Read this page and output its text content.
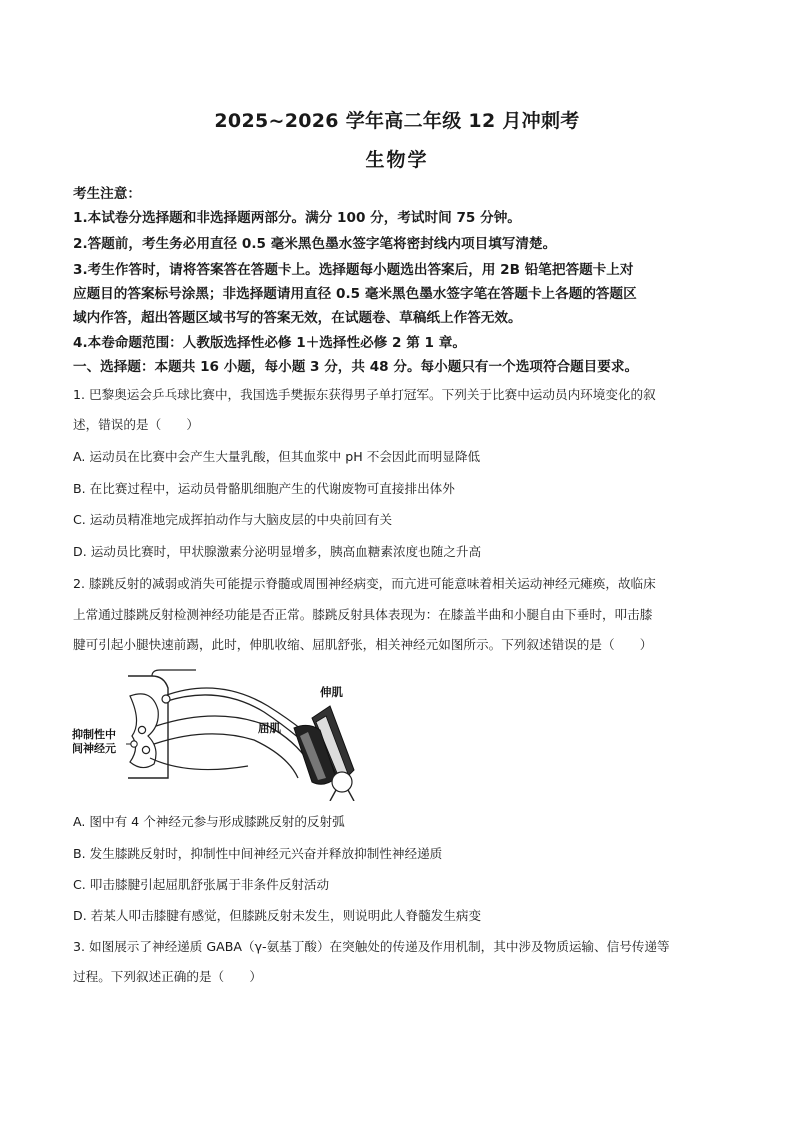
2025~2026 学年高二年级 12 月冲刺考
生物学
考生注意：
1.本试卷分选择题和非选择题两部分。满分 100 分，考试时间 75 分钟。
2.答题前，考生务必用直径 0.5 毫米黑色墨水签字笔将密封线内项目填写清楚。
3.考生作答时，请将答案答在答题卡上。选择题每小题选出答案后，用 2B 铅笔把答题卡上对
应题目的答案标号涂黑；非选择题请用直径 0.5 毫米黑色墨水签字笔在答题卡上各题的答题区
域内作答，超出答题区域书写的答案无效，在试题卷、草稿纸上作答无效。
4.本卷命题范围：人教版选择性必修 1＋选择性必修 2 第 1 章。
一、选择题：本题共 16 小题，每小题 3 分，共 48 分。每小题只有一个选项符合题目要求。
1. 巴黎奥运会乒乓球比赛中，我国选手樊振东获得男子单打冠军。下列关于比赛中运动员内环境变化的叙
述，错误的是（　　）
A. 运动员在比赛中会产生大量乳酸，但其血浆中 pH 不会因此而明显降低
B. 在比赛过程中，运动员骨骼肌细胞产生的代谢废物可直接排出体外
C. 运动员精准地完成挥拍动作与大脑皮层的中央前回有关
D. 运动员比赛时，甲状腺激素分泌明显增多，胰高血糖素浓度也随之升高
2. 膝跳反射的减弱或消失可能提示脊髓或周围神经病变，而亢进可能意味着相关运动神经元瘫痪，故临床
上常通过膝跳反射检测神经功能是否正常。膝跳反射具体表现为：在膝盖半曲和小腿自由下垂时，叩击膝
腱可引起小腿快速前踢，此时，伸肌收缩、屈肌舒张，相关神经元如图所示。下列叙述错误的是（　　）
伸肌
屈肌
抑制性中
间神经元
A. 图中有 4 个神经元参与形成膝跳反射的反射弧
B. 发生膝跳反射时，抑制性中间神经元兴奋并释放抑制性神经递质
C. 叩击膝腱引起屈肌舒张属于非条件反射活动
D. 若某人叩击膝腱有感觉，但膝跳反射未发生，则说明此人脊髓发生病变
3. 如图展示了神经递质 GABA（γ-氨基丁酸）在突触处的传递及作用机制，其中涉及物质运输、信号传递等
过程。下列叙述正确的是（　　）
